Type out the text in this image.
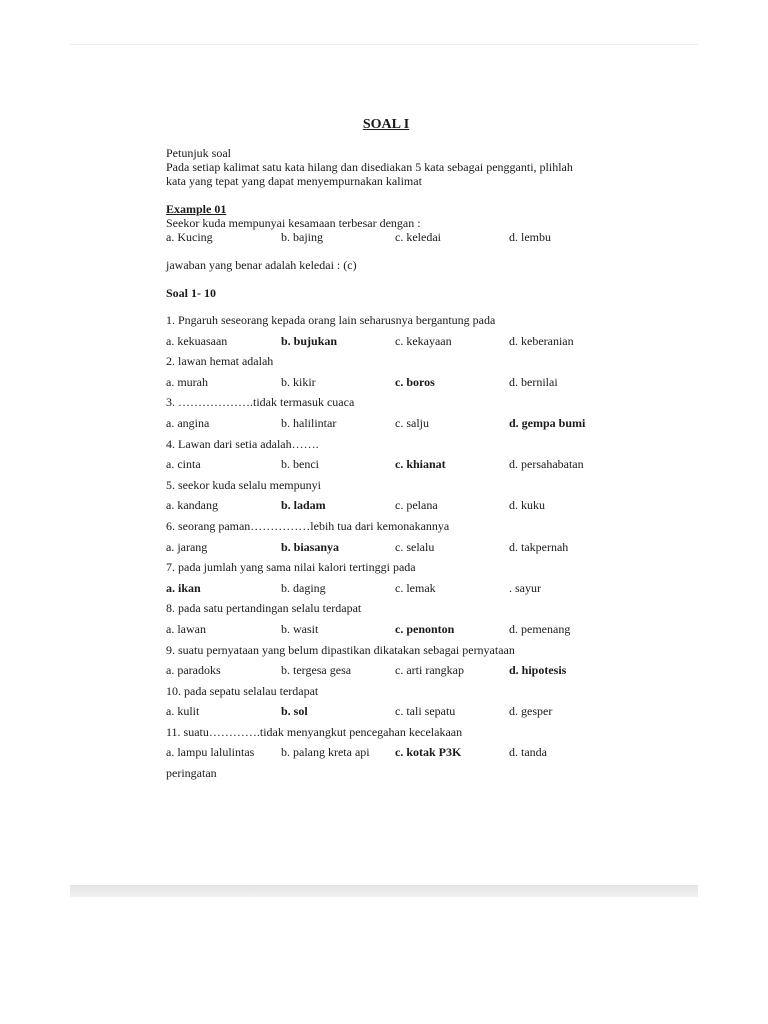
SOAL I
Petunjuk soal
Pada setiap kalimat satu kata hilang dan disediakan 5 kata sebagai pengganti, plihlah
kata yang tepat yang dapat menyempurnakan kalimat
Example 01
Seekor kuda mempunyai kesamaan terbesar dengan :
a. Kucing	b. bajing	c. keledai	d. lembu
jawaban yang benar adalah keledai : (c)
Soal 1- 10
1. Pngaruh seseorang kepada orang lain seharusnya bergantung pada
a. kekuasaan	b. bujukan	c. kekayaan	d. keberanian
2. lawan hemat adalah
a. murah	b. kikir	c. boros	d. bernilai
3. ……………….tidak termasuk cuaca
a. angina	b. halilintar	c. salju	d. gempa bumi
4. Lawan dari setia adalah…….
a. cinta	b. benci	c. khianat	d. persahabatan
5. seekor kuda selalu mempunyi
a. kandang	b. ladam	c. pelana	d. kuku
6. seorang paman……………lebih tua dari kemonakannya
a. jarang	b. biasanya	c. selalu	d. takpernah
7. pada jumlah yang sama nilai kalori tertinggi pada
a. ikan	b. daging	c. lemak	. sayur
8. pada satu pertandingan selalu terdapat
a. lawan	b. wasit	c. penonton	d. pemenang
9. suatu pernyataan yang belum dipastikan dikatakan sebagai pernyataan
a. paradoks	b. tergesa gesa	c. arti rangkap	d. hipotesis
10. pada sepatu selalau terdapat
a. kulit	b. sol	c. tali sepatu	d. gesper
11. suatu………….tidak menyangkut pencegahan kecelakaan
a. lampu lalulintas b. palang kreta api c. kotak P3K	d. tanda
peringatan
